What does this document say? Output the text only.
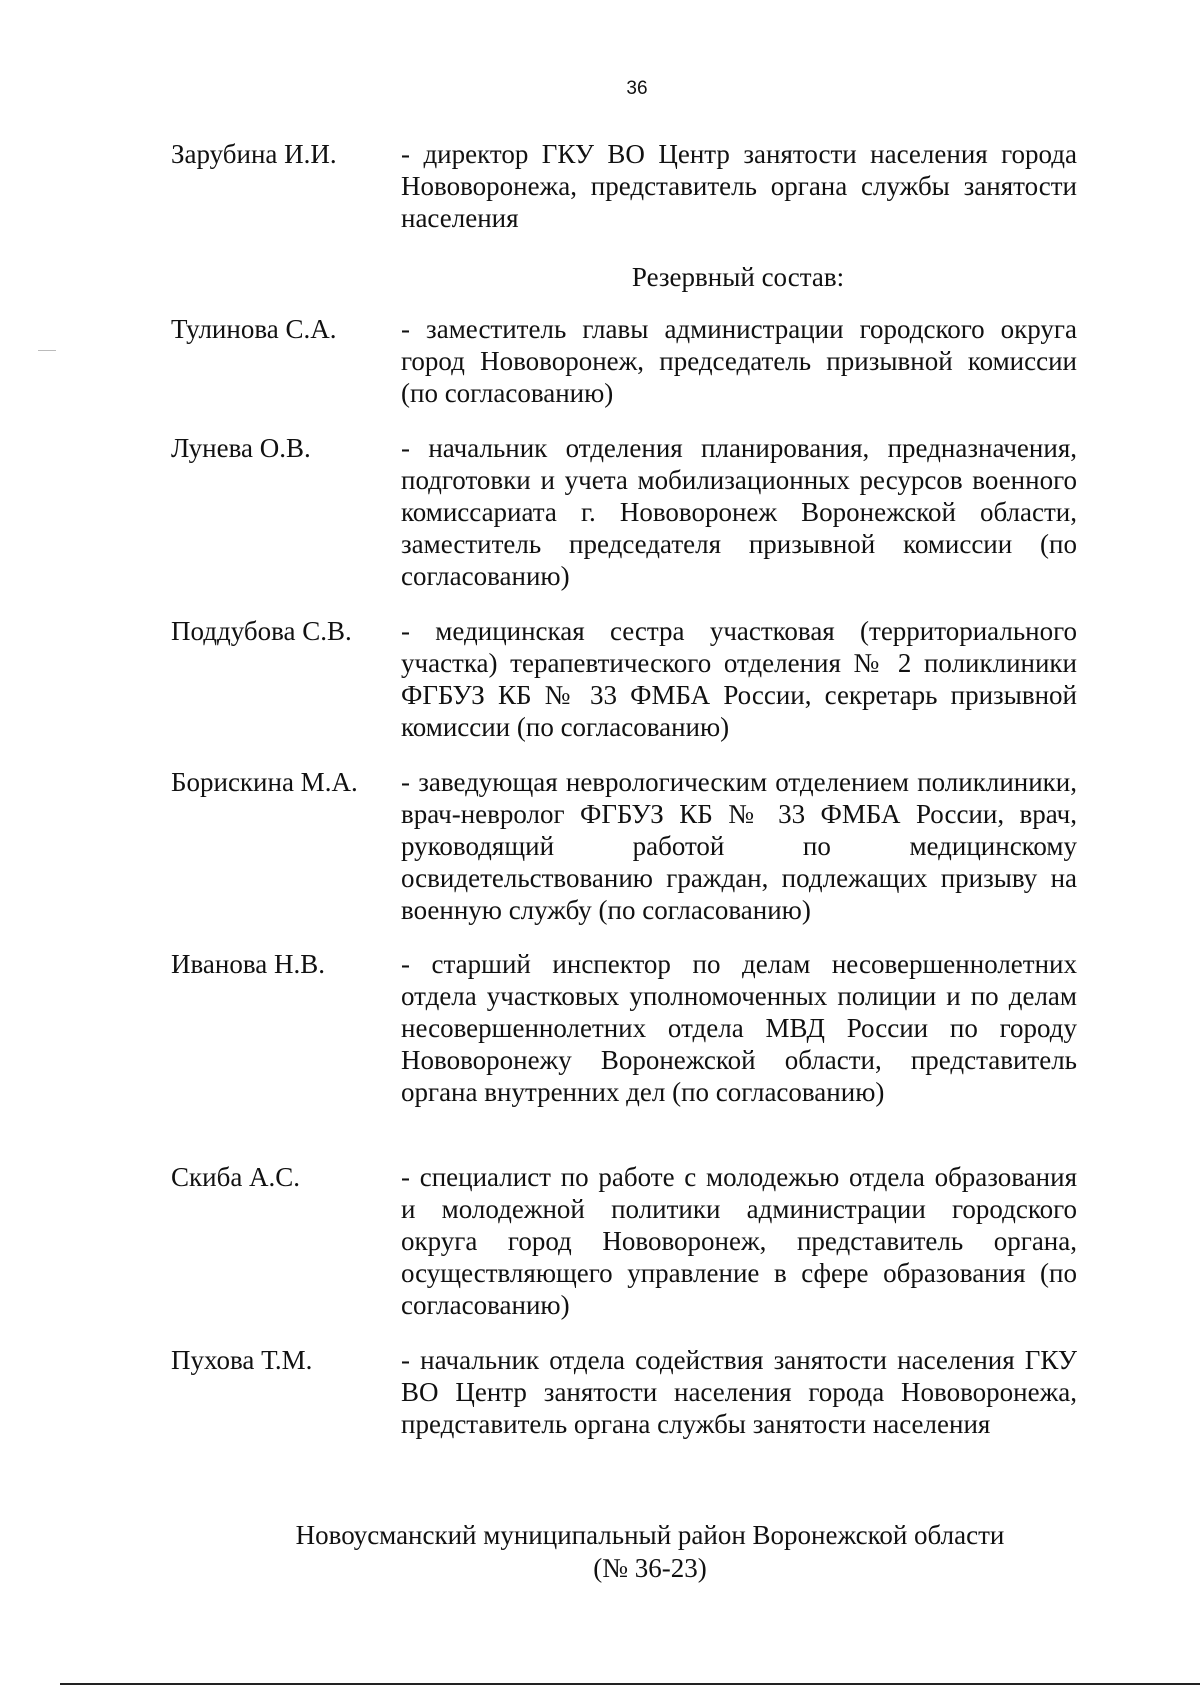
36
Зарубина И.И.	- директор ГКУ ВО Центр занятости населения города Нововоронежа, представитель органа службы занятости населения
Резервный состав:
Тулинова С.А.	- заместитель главы администрации городского округа город Нововоронеж, председатель призывной комиссии (по согласованию)
Лунева О.В.	- начальник отделения планирования, предназначения, подготовки и учета мобилизационных ресурсов военного комиссариата г. Нововоронеж Воронежской области, заместитель председателя призывной комиссии (по согласованию)
Поддубова С.В.	- медицинская сестра участковая (территориального участка) терапевтического отделения № 2 поликлиники ФГБУЗ КБ № 33 ФМБА России, секретарь призывной комиссии (по согласованию)
Борискина М.А.	- заведующая неврологическим отделением поликлиники, врач-невролог ФГБУЗ КБ № 33 ФМБА России, врач, руководящий работой по медицинскому освидетельствованию граждан, подлежащих призыву на военную службу (по согласованию)
Иванова Н.В.	- старший инспектор по делам несовершеннолетних отдела участковых уполномоченных полиции и по делам несовершеннолетних отдела МВД России по городу Нововоронежу Воронежской области, представитель органа внутренних дел (по согласованию)
Скиба А.С.	- специалист по работе с молодежью отдела образования и молодежной политики администрации городского округа город Нововоронеж, представитель органа, осуществляющего управление в сфере образования (по согласованию)
Пухова Т.М.	- начальник отдела содействия занятости населения ГКУ ВО Центр занятости населения города Нововоронежа, представитель органа службы занятости населения
Новоусманский муниципальный район Воронежской области
(№ 36-23)
